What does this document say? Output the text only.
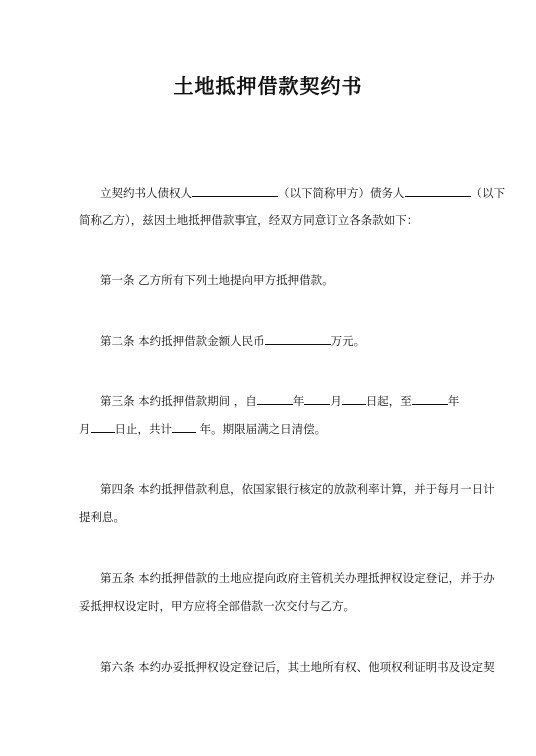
土地抵押借款契约书
立契约书人债权人	（以下简称甲方）债务人	（以下
简称乙方），兹因土地抵押借款事宜，经双方同意订立各条款如下：
第一条 乙方所有下列土地提向甲方抵押借款。
第二条 本约抵押借款金额人民币	万元。
第三条 本约抵押借款期间 ，自	年 月 日起，至	年
月 日止，共计 年。期限届满之日清偿。
第四条 本约抵押借款利息，依国家银行核定的放款利率计算，并于每月一日计
提利息。
第五条 本约抵押借款的土地应提向政府主管机关办理抵押权设定登记，并于办
妥抵押权设定时，甲方应将全部借款一次交付与乙方。
第六条 本约办妥抵押权设定登记后，其土地所有权、他项权利证明书及设定契
